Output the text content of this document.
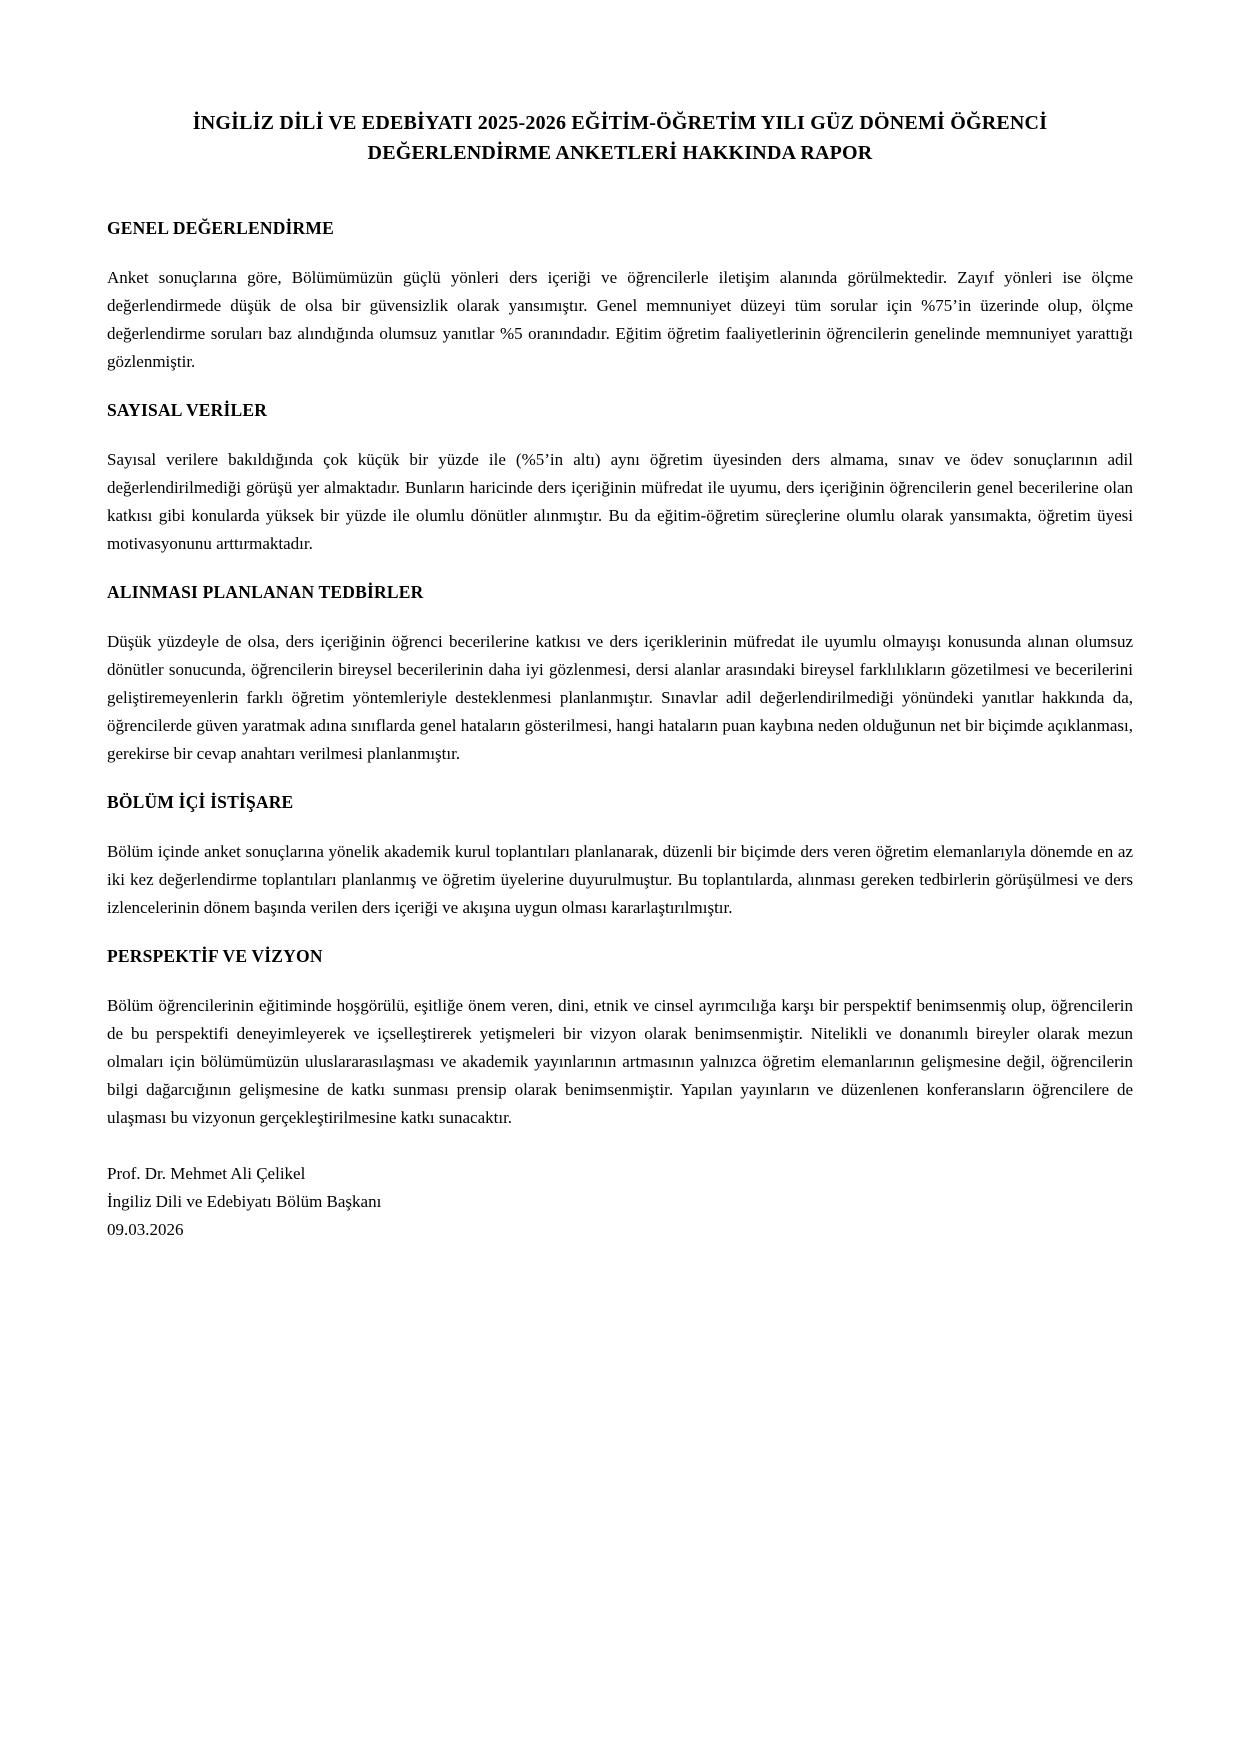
İNGİLİZ DİLİ VE EDEBİYATI 2025-2026 EĞİTİM-ÖĞRETİM YILI GÜZ DÖNEMİ ÖĞRENCİ DEĞERLENDİRME ANKETLERİ HAKKINDA RAPOR
GENEL DEĞERLENDİRME

Anket sonuçlarına göre, Bölümümüzün güçlü yönleri ders içeriği ve öğrencilerle iletişim alanında görülmektedir. Zayıf yönleri ise ölçme değerlendirmede düşük de olsa bir güvensizlik olarak yansımıştır. Genel memnuniyet düzeyi tüm sorular için %75’in üzerinde olup, ölçme değerlendirme soruları baz alındığında olumsuz yanıtlar %5 oranındadır. Eğitim öğretim faaliyetlerinin öğrencilerin genelinde memnuniyet yarattığı gözlenmiştir.

SAYISAL VERİLER

Sayısal verilere bakıldığında çok küçük bir yüzde ile (%5’in altı) aynı öğretim üyesinden ders almama, sınav ve ödev sonuçlarının adil değerlendirilmediği görüşü yer almaktadır. Bunların haricinde ders içeriğinin müfredat ile uyumu, ders içeriğinin öğrencilerin genel becerilerine olan katkısı gibi konularda yüksek bir yüzde ile olumlu dönütler alınmıştır. Bu da eğitim-öğretim süreçlerine olumlu olarak yansımakta, öğretim üyesi motivasyonunu arttırmaktadır.

ALINMASI PLANLANAN TEDBİRLER

Düşük yüzdeyle de olsa, ders içeriğinin öğrenci becerilerine katkısı ve ders içeriklerinin müfredat ile uyumlu olmayışı konusunda alınan olumsuz dönütler sonucunda, öğrencilerin bireysel becerilerinin daha iyi gözlenmesi, dersi alanlar arasındaki bireysel farklılıkların gözetilmesi ve becerilerini geliştiremeyenlerin farklı öğretim yöntemleriyle desteklenmesi planlanmıştır. Sınavlar adil değerlendirilmediği yönündeki yanıtlar hakkında da, öğrencilerde güven yaratmak adına sınıflarda genel hataların gösterilmesi, hangi hataların puan kaybına neden olduğunun net bir biçimde açıklanması, gerekirse bir cevap anahtarı verilmesi planlanmıştır.

BÖLÜM İÇİ İSTİŞARE

Bölüm içinde anket sonuçlarına yönelik akademik kurul toplantıları planlanarak, düzenli bir biçimde ders veren öğretim elemanlarıyla dönemde en az iki kez değerlendirme toplantıları planlanmış ve öğretim üyelerine duyurulmuştur. Bu toplantılarda, alınması gereken tedbirlerin görüşülmesi ve ders izlencelerinin dönem başında verilen ders içeriği ve akışına uygun olması kararlaştırılmıştır.

PERSPEKTİF VE VİZYON

Bölüm öğrencilerinin eğitiminde hoşgörülü, eşitliğe önem veren, dini, etnik ve cinsel ayrımcılığa karşı bir perspektif benimsenmiş olup, öğrencilerin de bu perspektifi deneyimleyerek ve içselleştirerek yetişmeleri bir vizyon olarak benimsenmiştir. Nitelikli ve donanımlı bireyler olarak mezun olmaları için bölümümüzün uluslararasılaşması ve akademik yayınlarının artmasının yalnızca öğretim elemanlarının gelişmesine değil, öğrencilerin bilgi dağarcığının gelişmesine de katkı sunması prensip olarak benimsenmiştir. Yapılan yayınların ve düzenlenen konferansların öğrencilere de ulaşması bu vizyonun gerçekleştirilmesine katkı sunacaktır.

Prof. Dr. Mehmet Ali Çelikel
İngiliz Dili ve Edebiyatı Bölüm Başkanı
09.03.2026
